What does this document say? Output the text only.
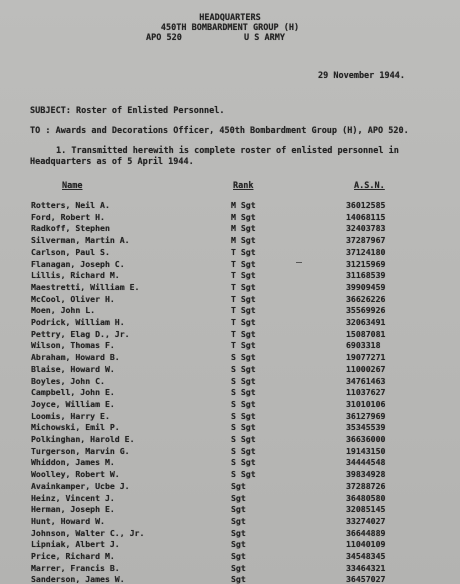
HEADQUARTERS
450TH BOMBARDMENT GROUP (H)
APO 520	U S ARMY
29 November 1944.
SUBJECT: Roster of Enlisted Personnel.
TO : Awards and Decorations Officer, 450th Bombardment Group (H), APO 520.
1. Transmitted herewith is complete roster of enlisted personnel in
Headquarters as of 5 April 1944.
Name	Rank	A.S.N.
Rotters, Neil A.	M Sgt	36012585
Ford, Robert H.	M Sgt	14068115
Radkoff, Stephen	M Sgt	32403783
Silverman, Martin A.	M Sgt	37287967
Carlson, Paul S.	T Sgt	37124180
Flanagan, Joseph C.	T Sgt	31215969
Lillis, Richard M.	T Sgt	31168539
Maestretti, William E.	T Sgt	39909459
McCool, Oliver H.	T Sgt	36626226
Moen, John L.	T Sgt	35569926
Podrick, William H.	T Sgt	32063491
Pettry, Elag D., Jr.	T Sgt	15087081
Wilson, Thomas F.	T Sgt	6903318
Abraham, Howard B.	S Sgt	19077271
Blaise, Howard W.	S Sgt	11000267
Boyles, John C.	S Sgt	34761463
Campbell, John E.	S Sgt	11037627
Joyce, William E.	S Sgt	31010106
Loomis, Harry E.	S Sgt	36127969
Michowski, Emil P.	S Sgt	35345539
Polkinghan, Harold E.	S Sgt	36636000
Turgerson, Marvin G.	S Sgt	19143150
Whiddon, James M.	S Sgt	34444548
Woolley, Robert W.	S Sgt	39834928
Avainkamper, Ucbe J.	Sgt	37288726
Heinz, Vincent J.	Sgt	36480580
Herman, Joseph E.	Sgt	32085145
Hunt, Howard W.	Sgt	33274027
Johnson, Walter C., Jr.	Sgt	36644889
Lipniak, Albert J.	Sgt	11040109
Price, Richard M.	Sgt	34548345
Marrer, Francis B.	Sgt	33464321
Sanderson, James W.	Sgt	36457027
